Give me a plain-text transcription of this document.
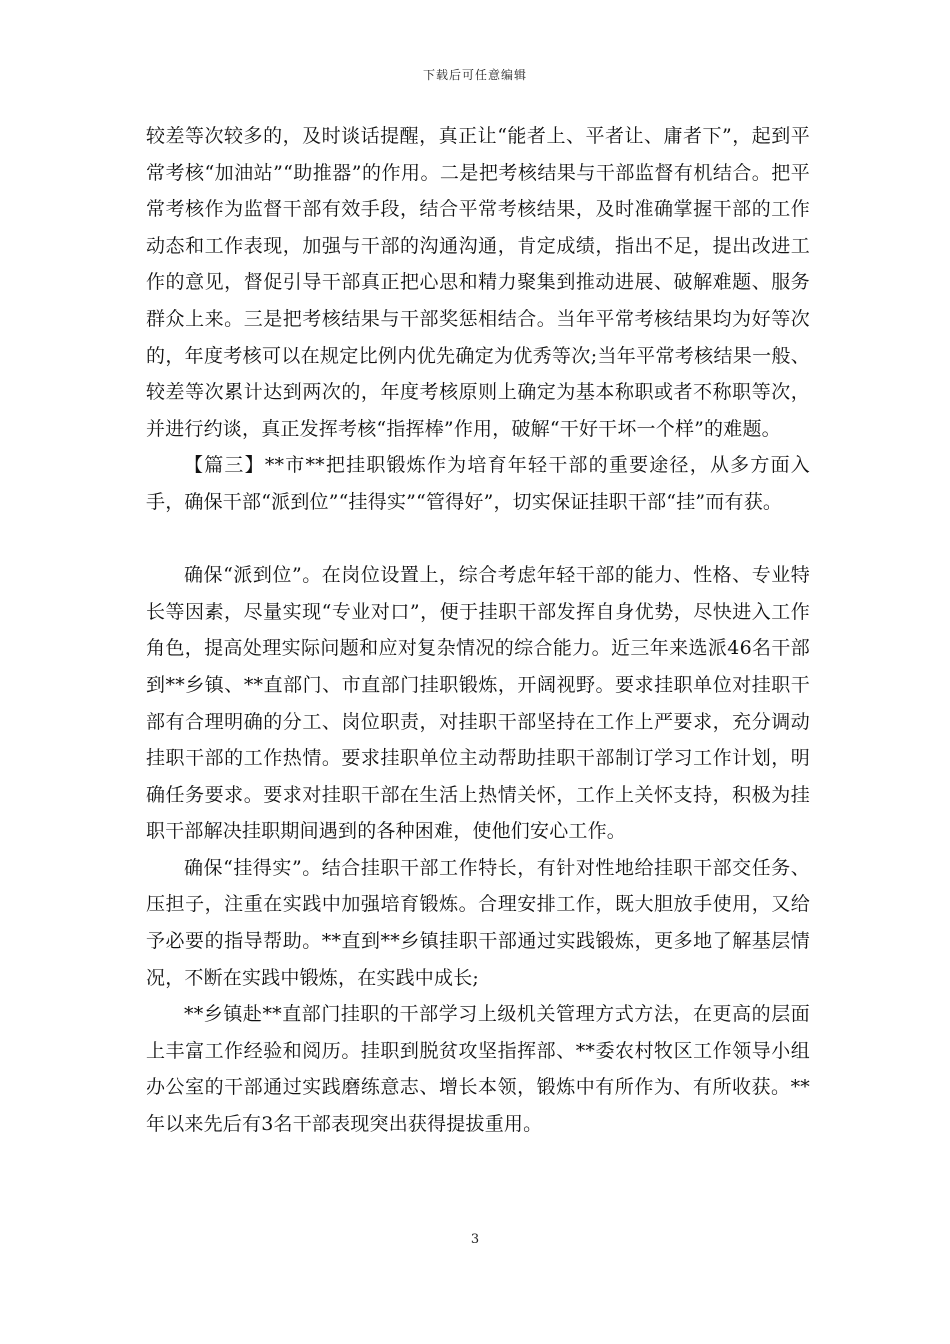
下载后可任意编辑

较差等次较多的，及时谈话提醒，真正让“能者上、平者让、庸者下”，起到平常考核“加油站”“助推器”的作用。二是把考核结果与干部监督有机结合。把平常考核作为监督干部有效手段，结合平常考核结果，及时准确掌握干部的工作动态和工作表现，加强与干部的沟通沟通，肯定成绩，指出不足，提出改进工作的意见，督促引导干部真正把心思和精力聚集到推动进展、破解难题、服务群众上来。三是把考核结果与干部奖惩相结合。当年平常考核结果均为好等次的，年度考核可以在规定比例内优先确定为优秀等次;当年平常考核结果一般、较差等次累计达到两次的，年度考核原则上确定为基本称职或者不称职等次，并进行约谈，真正发挥考核“指挥棒”作用，破解“干好干坏一个样”的难题。

【篇三】**市**把挂职锻炼作为培育年轻干部的重要途径，从多方面入手，确保干部“派到位”“挂得实”“管得好”，切实保证挂职干部“挂”而有获。

确保“派到位”。在岗位设置上，综合考虑年轻干部的能力、性格、专业特长等因素，尽量实现“专业对口”，便于挂职干部发挥自身优势，尽快进入工作角色，提高处理实际问题和应对复杂情况的综合能力。近三年来选派46名干部到**乡镇、**直部门、市直部门挂职锻炼，开阔视野。要求挂职单位对挂职干部有合理明确的分工、岗位职责，对挂职干部坚持在工作上严要求，充分调动挂职干部的工作热情。要求挂职单位主动帮助挂职干部制订学习工作计划，明确任务要求。要求对挂职干部在生活上热情关怀，工作上关怀支持，积极为挂职干部解决挂职期间遇到的各种困难，使他们安心工作。

确保“挂得实”。结合挂职干部工作特长，有针对性地给挂职干部交任务、压担子，注重在实践中加强培育锻炼。合理安排工作，既大胆放手使用，又给予必要的指导帮助。**直到**乡镇挂职干部通过实践锻炼，更多地了解基层情况，不断在实践中锻炼，在实践中成长;

**乡镇赴**直部门挂职的干部学习上级机关管理方式方法，在更高的层面上丰富工作经验和阅历。挂职到脱贫攻坚指挥部、**委农村牧区工作领导小组办公室的干部通过实践磨练意志、增长本领，锻炼中有所作为、有所收获。**年以来先后有3名干部表现突出获得提拔重用。

3
